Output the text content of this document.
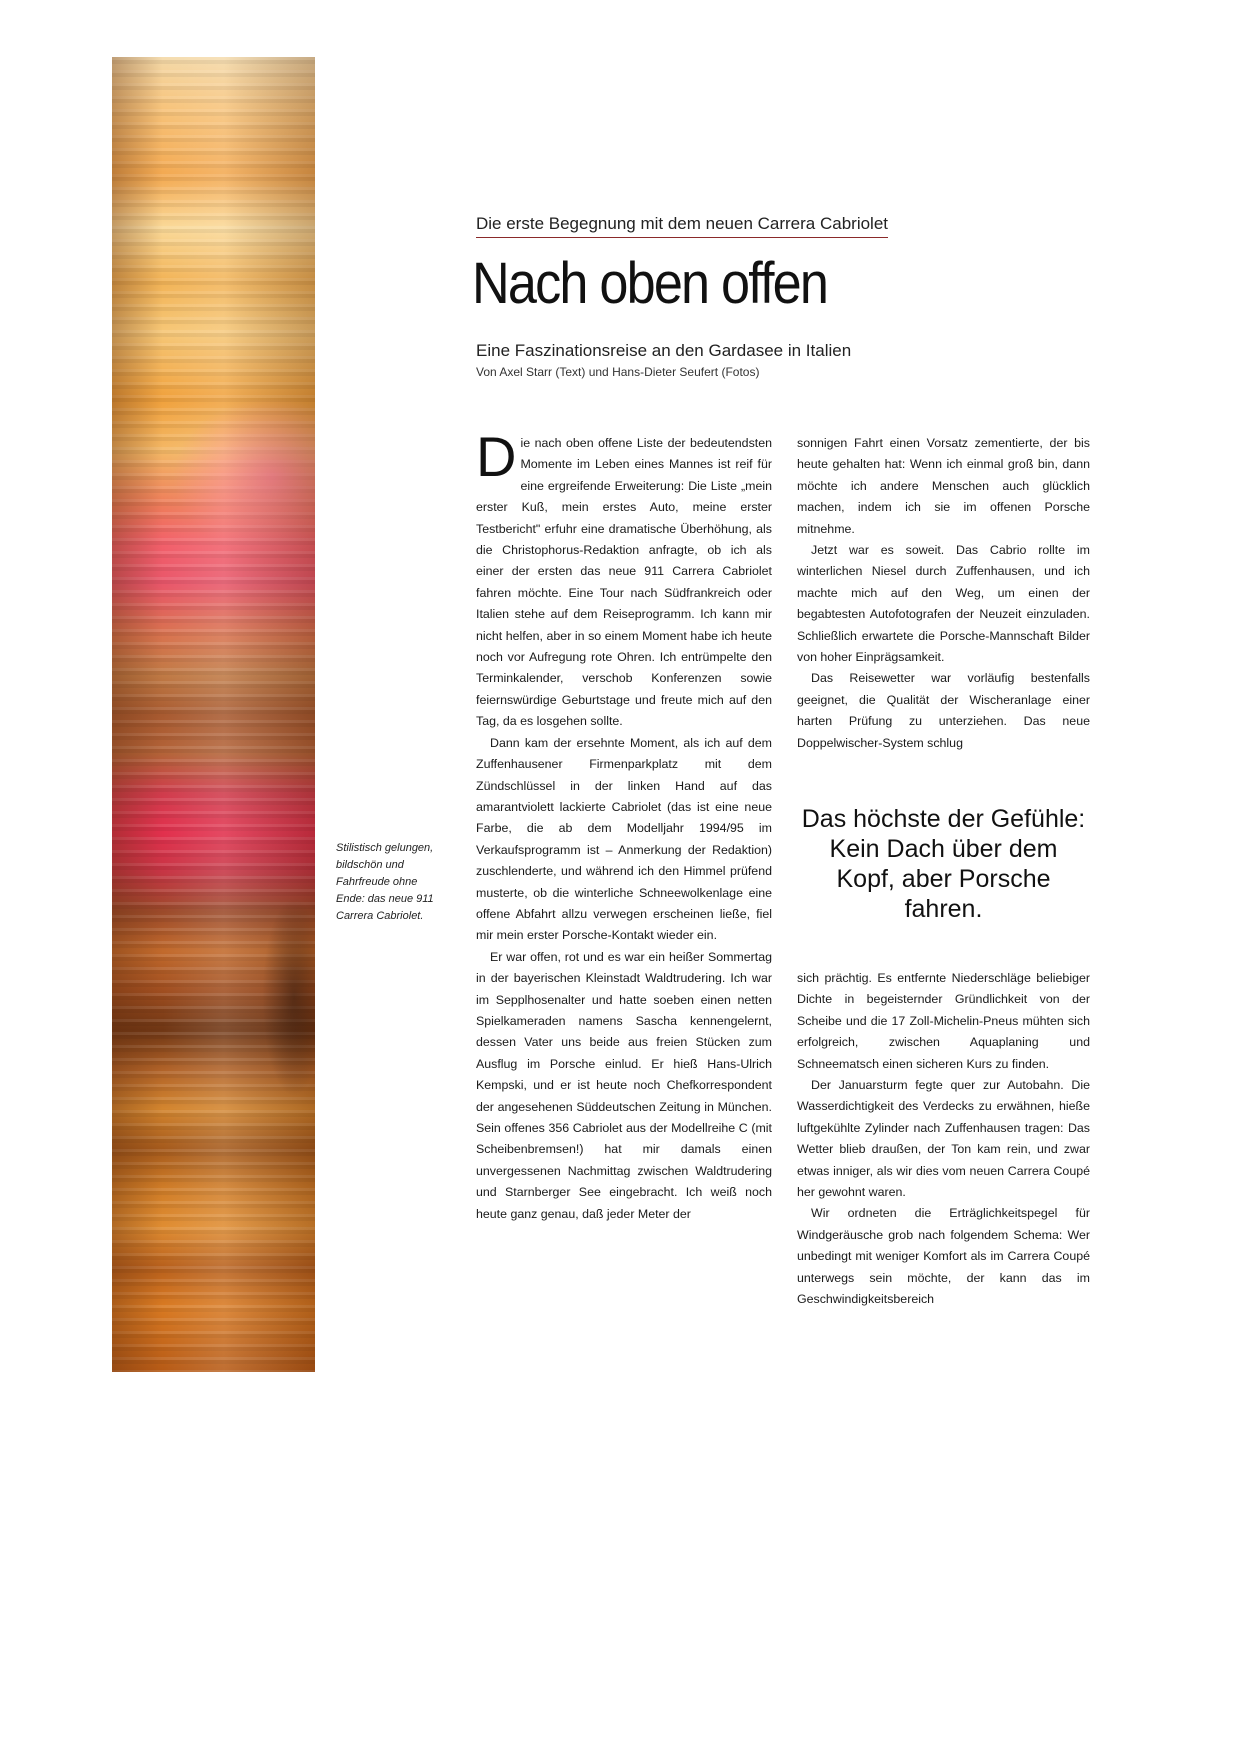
Stilistisch gelungen, bildschön und Fahrfreude ohne Ende: das neue 911 Carrera Cabriolet.
Die erste Begegnung mit dem neuen Carrera Cabriolet
Nach oben offen
Eine Faszinationsreise an den Gardasee in Italien
Von Axel Starr (Text) und Hans-Dieter Seufert (Fotos)

Die nach oben offene Liste der bedeutendsten Momente im Leben eines Mannes ist reif für eine ergreifende Erweiterung: Die Liste „mein erster Kuß, mein erstes Auto, meine erster Testbericht" erfuhr eine dramatische Überhöhung, als die Christophorus-Redaktion anfragte, ob ich als einer der ersten das neue 911 Carrera Cabriolet fahren möchte. Eine Tour nach Südfrankreich oder Italien stehe auf dem Reiseprogramm. Ich kann mir nicht helfen, aber in so einem Moment habe ich heute noch vor Aufregung rote Ohren. Ich entrümpelte den Terminkalender, verschob Konferenzen sowie feiernswürdige Geburtstage und freute mich auf den Tag, da es losgehen sollte.

Dann kam der ersehnte Moment, als ich auf dem Zuffenhausener Firmenparkplatz mit dem Zündschlüssel in der linken Hand auf das amarantviolett lackierte Cabriolet (das ist eine neue Farbe, die ab dem Modelljahr 1994/95 im Verkaufsprogramm ist – Anmerkung der Redaktion) zuschlenderte, und während ich den Himmel prüfend musterte, ob die winterliche Schneewolkenlage eine offene Abfahrt allzu verwegen erscheinen ließe, fiel mir mein erster Porsche-Kontakt wieder ein.

Er war offen, rot und es war ein heißer Sommertag in der bayerischen Kleinstadt Waldtrudering. Ich war im Sepplhosenalter und hatte soeben einen netten Spielkameraden namens Sascha kennengelernt, dessen Vater uns beide aus freien Stücken zum Ausflug im Porsche einlud. Er hieß Hans-Ulrich Kempski, und er ist heute noch Chefkorrespondent der angesehenen Süddeutschen Zeitung in München. Sein offenes 356 Cabriolet aus der Modellreihe C (mit Scheibenbremsen!) hat mir damals einen unvergessenen Nachmittag zwischen Waldtrudering und Starnberger See eingebracht. Ich weiß noch heute ganz genau, daß jeder Meter der

sonnigen Fahrt einen Vorsatz zementierte, der bis heute gehalten hat: Wenn ich einmal groß bin, dann möchte ich andere Menschen auch glücklich machen, indem ich sie im offenen Porsche mitnehme.

Jetzt war es soweit. Das Cabrio rollte im winterlichen Niesel durch Zuffenhausen, und ich machte mich auf den Weg, um einen der begabtesten Autofotografen der Neuzeit einzuladen. Schließlich erwartete die Porsche-Mannschaft Bilder von hoher Einprägsamkeit.

Das Reisewetter war vorläufig bestenfalls geeignet, die Qualität der Wischeranlage einer harten Prüfung zu unterziehen. Das neue Doppelwischer-System schlug

Das höchste der Gefühle: Kein Dach über dem Kopf, aber Porsche fahren.

sich prächtig. Es entfernte Niederschläge beliebiger Dichte in begeisternder Gründlichkeit von der Scheibe und die 17 Zoll-Michelin-Pneus mühten sich erfolgreich, zwischen Aquaplaning und Schneematsch einen sicheren Kurs zu finden.

Der Januarsturm fegte quer zur Autobahn. Die Wasserdichtigkeit des Verdecks zu erwähnen, hieße luftgekühlte Zylinder nach Zuffenhausen tragen: Das Wetter blieb draußen, der Ton kam rein, und zwar etwas inniger, als wir dies vom neuen Carrera Coupé her gewohnt waren.

Wir ordneten die Erträglichkeitspegel für Windgeräusche grob nach folgendem Schema: Wer unbedingt mit weniger Komfort als im Carrera Coupé unterwegs sein möchte, der kann das im Geschwindigkeitsbereich
